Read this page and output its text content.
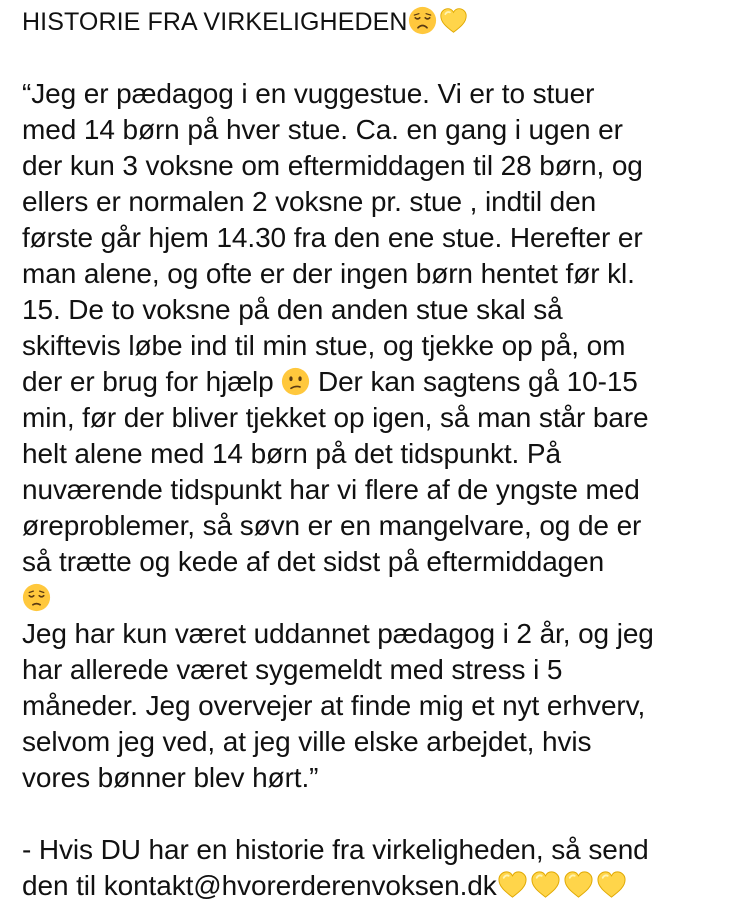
HISTORIE FRA VIRKELIGHEDEN
“Jeg er pædagog i en vuggestue. Vi er to stuer
med 14 børn på hver stue. Ca. en gang i ugen er
der kun 3 voksne om eftermiddagen til 28 børn, og
ellers er normalen 2 voksne pr. stue , indtil den
første går hjem 14.30 fra den ene stue. Herefter er
man alene, og ofte er der ingen børn hentet før kl.
15. De to voksne på den anden stue skal så
skiftevis løbe ind til min stue, og tjekke op på, om
der er brug for hjælp Der kan sagtens gå 10-15
min, før der bliver tjekket op igen, så man står bare
helt alene med 14 børn på det tidspunkt. På
nuværende tidspunkt har vi flere af de yngste med
øreproblemer, så søvn er en mangelvare, og de er
så trætte og kede af det sidst på eftermiddagen
Jeg har kun været uddannet pædagog i 2 år, og jeg
har allerede været sygemeldt med stress i 5
måneder. Jeg overvejer at finde mig et nyt erhverv,
selvom jeg ved, at jeg ville elske arbejdet, hvis
vores bønner blev hørt.”
- Hvis DU har en historie fra virkeligheden, så send
den til kontakt@hvorerderenvoksen.dk
